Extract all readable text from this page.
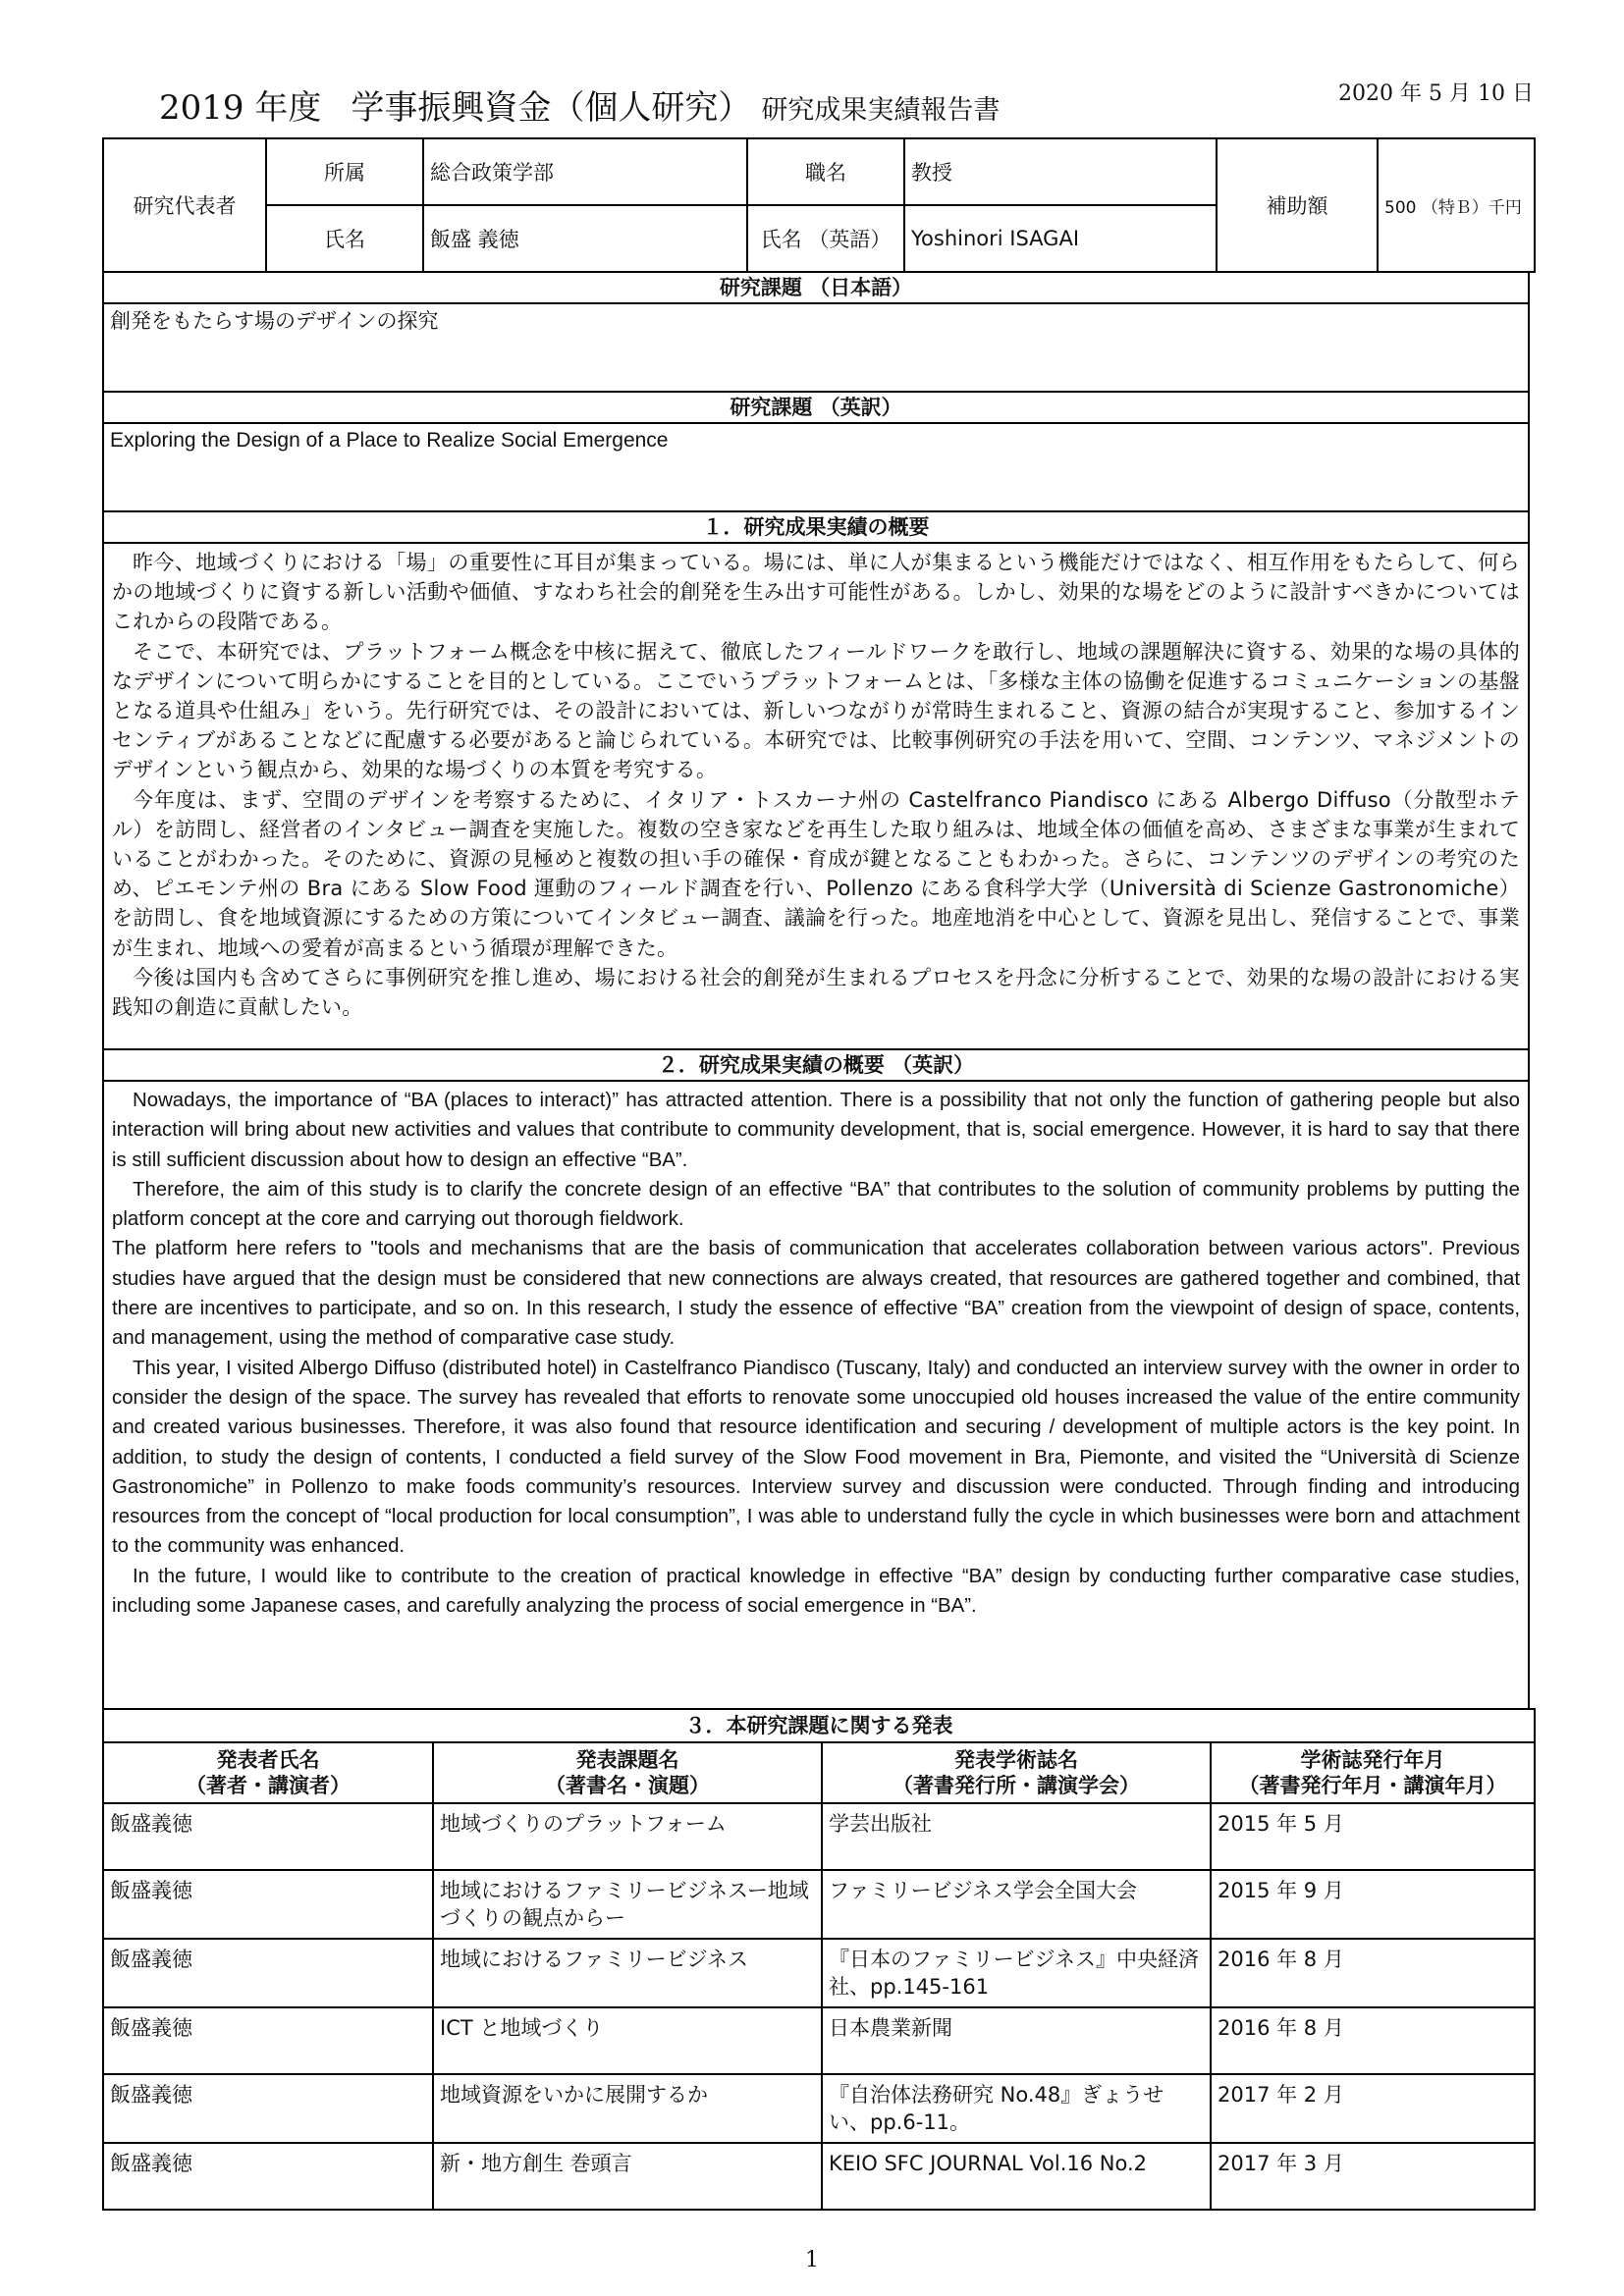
2020 年 5 月 10 日
2019 年度 学事振興資金（個人研究） 研究成果実績報告書
研究代表者	所属	総合政策学部	職名	教授	補助額	500 （特Ｂ）千円
	氏名	飯盛 義徳	氏名 （英語）	Yoshinori ISAGAI		
研究課題 （日本語）
創発をもたらす場のデザインの探究
研究課題 （英訳）
Exploring the Design of a Place to Realize Social Emergence
１．研究成果実績の概要

昨今、地域づくりにおける「場」の重要性に耳目が集まっている。場には、単に人が集まるという機能だけではなく、相互作用をもたらして、何らかの地域づくりに資する新しい活動や価値、すなわち社会的創発を生み出す可能性がある。しかし、効果的な場をどのように設計すべきかについてはこれからの段階である。

そこで、本研究では、プラットフォーム概念を中核に据えて、徹底したフィールドワークを敢行し、地域の課題解決に資する、効果的な場の具体的なデザインについて明らかにすることを目的としている。ここでいうプラットフォームとは、「多様な主体の協働を促進するコミュニケーションの基盤となる道具や仕組み」をいう。先行研究では、その設計においては、新しいつながりが常時生まれること、資源の結合が実現すること、参加するインセンティブがあることなどに配慮する必要があると論じられている。本研究では、比較事例研究の手法を用いて、空間、コンテンツ、マネジメントのデザインという観点から、効果的な場づくりの本質を考究する。

今年度は、まず、空間のデザインを考察するために、イタリア・トスカーナ州の Castelfranco Piandisco にある Albergo Diffuso（分散型ホテル）を訪問し、経営者のインタビュー調査を実施した。複数の空き家などを再生した取り組みは、地域全体の価値を高め、さまざまな事業が生まれていることがわかった。そのために、資源の見極めと複数の担い手の確保・育成が鍵となることもわかった。さらに、コンテンツのデザインの考究のため、ピエモンテ州の Bra にある Slow Food 運動のフィールド調査を行い、Pollenzo にある食科学大学（Università di Scienze Gastronomiche）を訪問し、食を地域資源にするための方策についてインタビュー調査、議論を行った。地産地消を中心として、資源を見出し、発信することで、事業が生まれ、地域への愛着が高まるという循環が理解できた。

今後は国内も含めてさらに事例研究を推し進め、場における社会的創発が生まれるプロセスを丹念に分析することで、効果的な場の設計における実践知の創造に貢献したい。

２．研究成果実績の概要 （英訳）

Nowadays, the importance of “BA (places to interact)” has attracted attention. There is a possibility that not only the function of gathering people but also interaction will bring about new activities and values that contribute to community development, that is, social emergence. However, it is hard to say that there is still sufficient discussion about how to design an effective “BA”.

Therefore, the aim of this study is to clarify the concrete design of an effective “BA” that contributes to the solution of community problems by putting the platform concept at the core and carrying out thorough fieldwork.

The platform here refers to "tools and mechanisms that are the basis of communication that accelerates collaboration between various actors". Previous studies have argued that the design must be considered that new connections are always created, that resources are gathered together and combined, that there are incentives to participate, and so on. In this research, I study the essence of effective “BA” creation from the viewpoint of design of space, contents, and management, using the method of comparative case study.

This year, I visited Albergo Diffuso (distributed hotel) in Castelfranco Piandisco (Tuscany, Italy) and conducted an interview survey with the owner in order to consider the design of the space. The survey has revealed that efforts to renovate some unoccupied old houses increased the value of the entire community and created various businesses. Therefore, it was also found that resource identification and securing / development of multiple actors is the key point. In addition, to study the design of contents, I conducted a field survey of the Slow Food movement in Bra, Piemonte, and visited the “Università di Scienze Gastronomiche” in Pollenzo to make foods community’s resources. Interview survey and discussion were conducted. Through finding and introducing resources from the concept of “local production for local consumption”, I was able to understand fully the cycle in which businesses were born and attachment to the community was enhanced.

In the future, I would like to contribute to the creation of practical knowledge in effective “BA” design by conducting further comparative case studies, including some Japanese cases, and carefully analyzing the process of social emergence in “BA”.

３．本研究課題に関する発表			
発表者氏名
（著者・講演者）	発表課題名
（著書名・演題）	発表学術誌名
（著書発行所・講演学会）	学術誌発行年月
（著書発行年月・講演年月）
飯盛義徳	地域づくりのプラットフォーム	学芸出版社	2015 年 5 月
飯盛義徳	地域におけるファミリービジネスー地域づくりの観点からー	ファミリービジネス学会全国大会	2015 年 9 月
飯盛義徳	地域におけるファミリービジネス	『日本のファミリービジネス』中央経済社、pp.145-161	2016 年 8 月
飯盛義徳	ICT と地域づくり	日本農業新聞	2016 年 8 月
飯盛義徳	地域資源をいかに展開するか	『自治体法務研究 No.48』ぎょうせい、pp.6-11。	2017 年 2 月
飯盛義徳	新・地方創生 巻頭言	KEIO SFC JOURNAL Vol.16 No.2	2017 年 3 月
1
